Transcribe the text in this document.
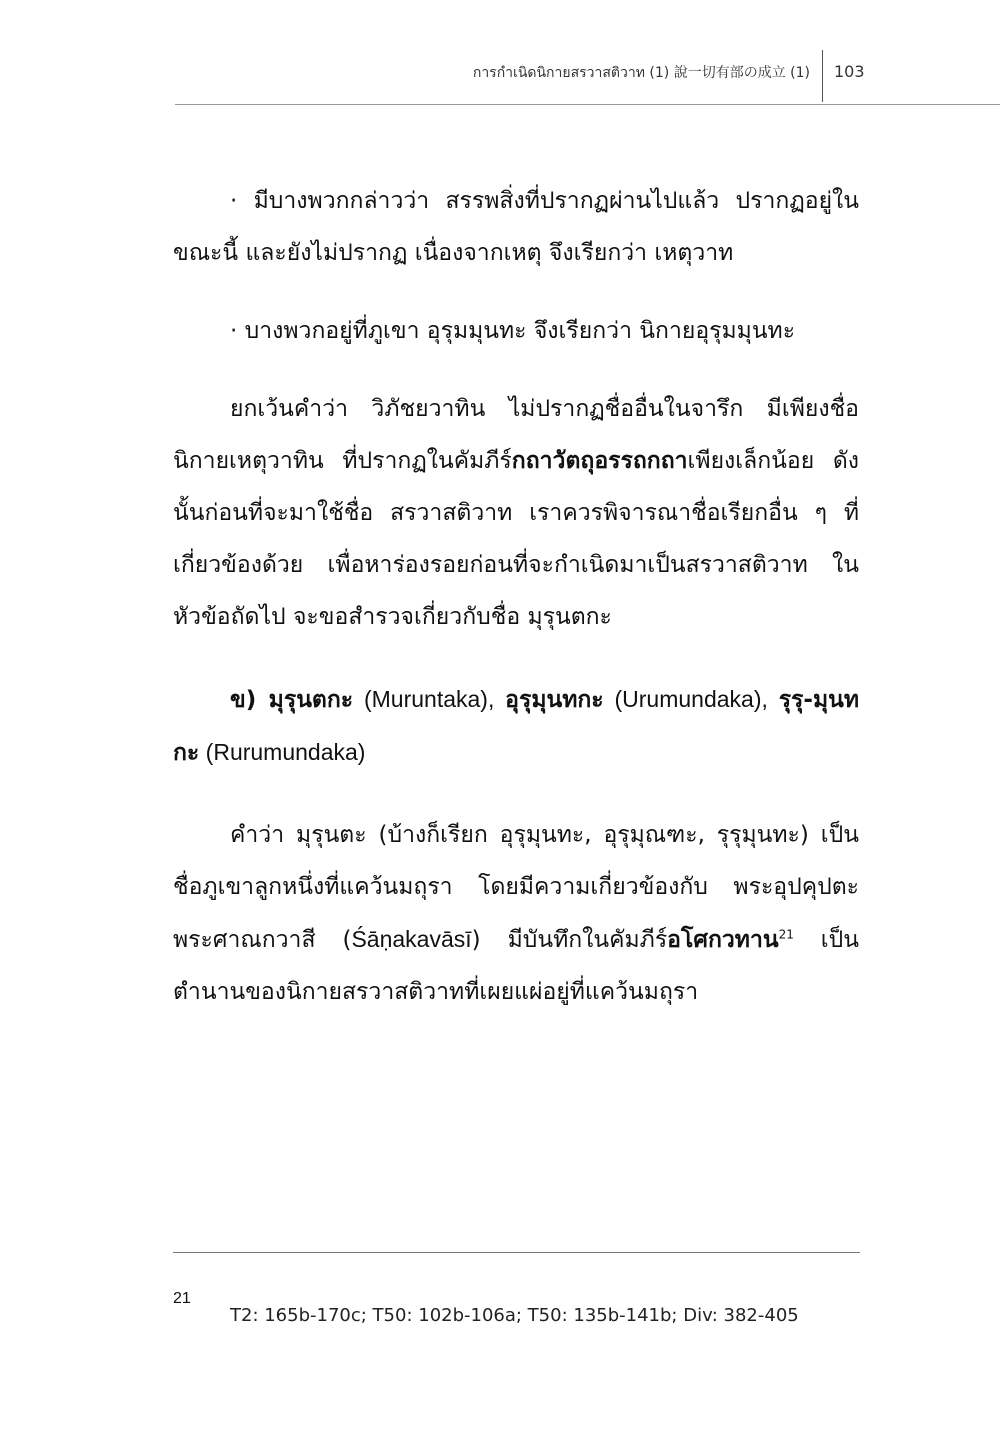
การกำเนิดนิกายสรวาสติวาท (1) 說一切有部の成立 (1) 103

· มีบางพวกกล่าวว่า สรรพสิ่งที่ปรากฏผ่านไปแล้ว ปรากฏอยู่ในขณะนี้ และยังไม่ปรากฏ เนื่องจากเหตุ จึงเรียกว่า เหตุวาท

· บางพวกอยู่ที่ภูเขา อุรุมมุนทะ จึงเรียกว่า นิกายอุรุมมุนทะ

ยกเว้นคำว่า วิภัชยวาทิน ไม่ปรากฏชื่ออื่นในจารึก มีเพียงชื่อนิกายเหตุวาทิน ที่ปรากฏในคัมภีร์กถาวัตถุอรรถกถาเพียงเล็กน้อย ดังนั้นก่อนที่จะมาใช้ชื่อ สรวาสติวาท เราควรพิจารณาชื่อเรียกอื่น ๆ ที่เกี่ยวข้องด้วย เพื่อหาร่องรอยก่อนที่จะกำเนิดมาเป็นสรวาสติวาท ในหัวข้อถัดไป จะขอสำรวจเกี่ยวกับชื่อ มุรุนตกะ

ข) มุรุนตกะ (Muruntaka), อุรุมุนทกะ (Urumundaka), รุรุ-มุนทกะ (Rurumundaka)

คำว่า มุรุนตะ (บ้างก็เรียก อุรุมุนทะ, อุรุมุณฑะ, รุรุมุนทะ) เป็นชื่อภูเขาลูกหนึ่งที่แคว้นมถุรา โดยมีความเกี่ยวข้องกับ พระอุปคุปตะ พระศาณกวาสี (Śāṇakavāsī) มีบันทึกในคัมภีร์อโศกวทาน$^{21}$ เป็นตำนานของนิกายสรวาสติวาทที่เผยแผ่อยู่ที่แคว้นมถุรา

21
T2: 165b-170c; T50: 102b-106a; T50: 135b-141b; Div: 382-405
